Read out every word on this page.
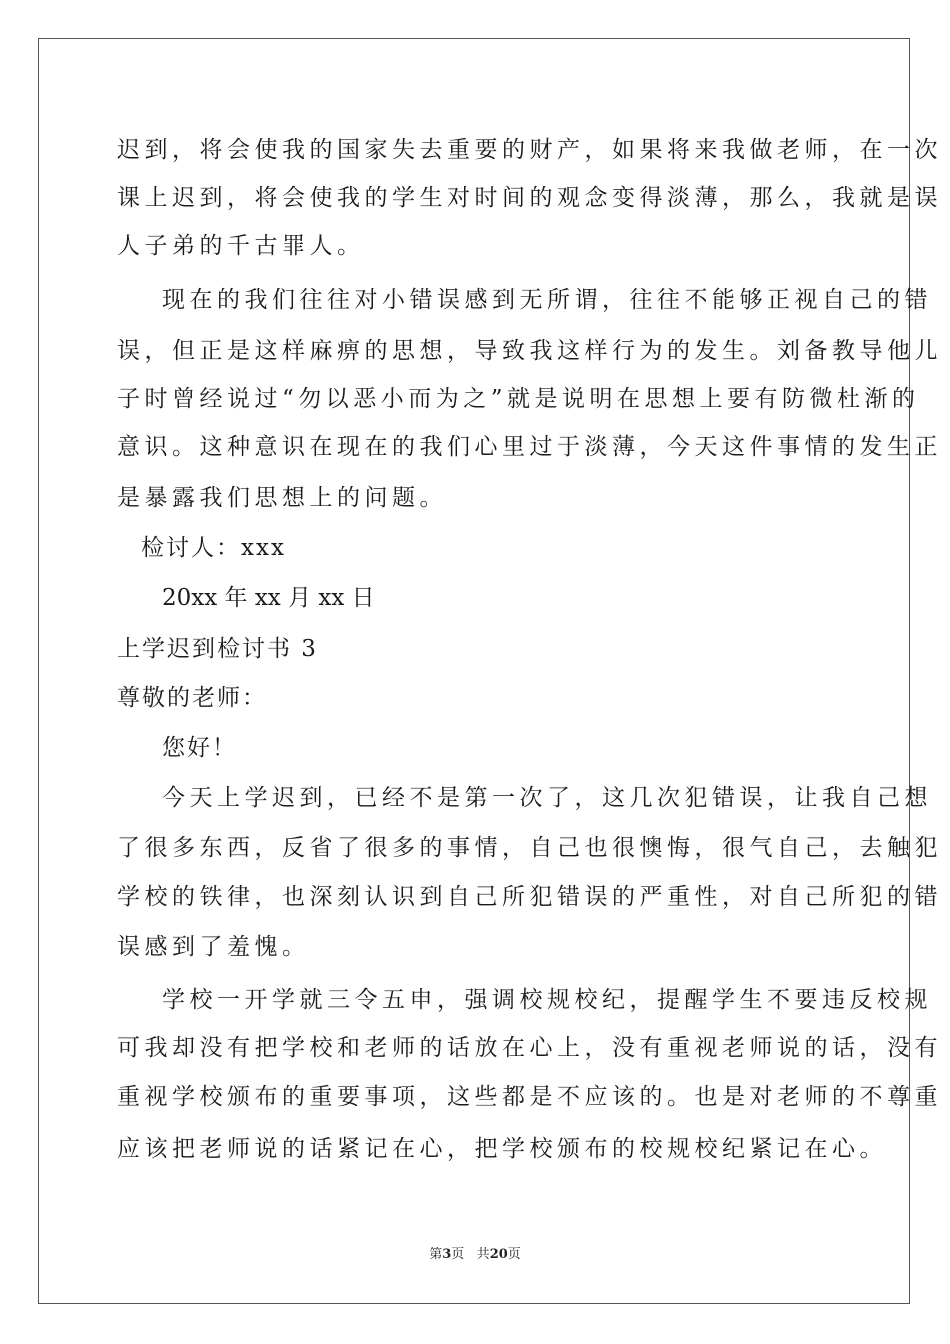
迟到，将会使我的国家失去重要的财产，如果将来我做老师，在一次
课上迟到，将会使我的学生对时间的观念变得淡薄，那么，我就是误
人子弟的千古罪人。
现在的我们往往对小错误感到无所谓，往往不能够正视自己的错
误，但正是这样麻痹的思想，导致我这样行为的发生。刘备教导他儿
子时曾经说过“勿以恶小而为之”就是说明在思想上要有防微杜渐的
意识。这种意识在现在的我们心里过于淡薄，今天这件事情的发生正
是暴露我们思想上的问题。
检讨人：xxx
20xx 年 xx 月 xx 日
上学迟到检讨书 3
尊敬的老师：
您好！
今天上学迟到，已经不是第一次了，这几次犯错误，让我自己想
了很多东西，反省了很多的事情，自己也很懊悔，很气自己，去触犯
学校的铁律，也深刻认识到自己所犯错误的严重性，对自己所犯的错
误感到了羞愧。
学校一开学就三令五申，强调校规校纪，提醒学生不要违反校规
可我却没有把学校和老师的话放在心上，没有重视老师说的话，没有
重视学校颁布的重要事项，这些都是不应该的。也是对老师的不尊重
应该把老师说的话紧记在心，把学校颁布的校规校纪紧记在心。
第3页 共20页
